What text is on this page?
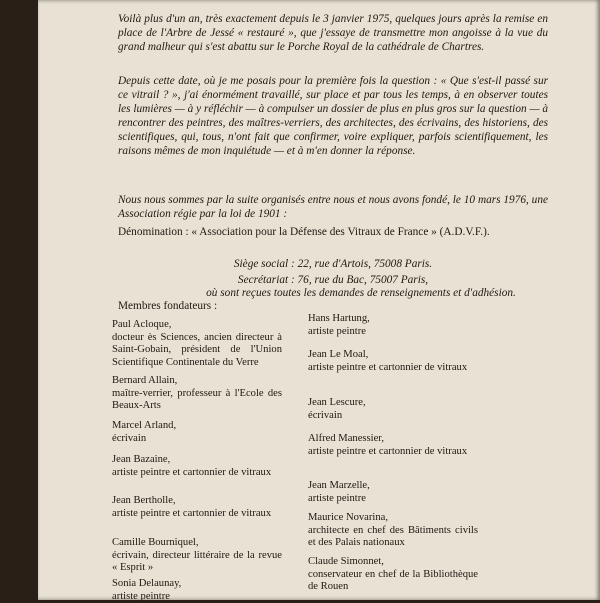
Voilà plus d'un an, très exactement depuis le 3 janvier 1975, quelques jours après la remise en place de l'Arbre de Jessé « restauré », que j'essaye de transmettre mon angoisse à la vue du grand malheur qui s'est abattu sur le Porche Royal de la cathédrale de Chartres.
Depuis cette date, où je me posais pour la première fois la question : « Que s'est-il passé sur ce vitrail ? », j'ai énormément travaillé, sur place et par tous les temps, à en observer toutes les lumières — à y réfléchir — à compulser un dossier de plus en plus gros sur la question — à rencontrer des peintres, des maîtres-verriers, des architectes, des écrivains, des historiens, des scientifiques, qui, tous, n'ont fait que confirmer, voire expliquer, parfois scientifiquement, les raisons mêmes de mon inquiétude — et à m'en donner la réponse.
Nous nous sommes par la suite organisés entre nous et nous avons fondé, le 10 mars 1976, une Association régie par la loi de 1901 :
Dénomination : « Association pour la Défense des Vitraux de France » (A.D.V.F.).
Siège social : 22, rue d'Artois, 75008 Paris.
Secrétariat : 76, rue du Bac, 75007 Paris,
où sont reçues toutes les demandes de renseignements et d'adhésion.
Membres fondateurs :
Paul Acloque,
docteur ès Sciences, ancien directeur à Saint-Gobain, président de l'Union Scientifique Continentale du Verre
Bernard Allain,
maître-verrier, professeur à l'Ecole des Beaux-Arts
Marcel Arland,
écrivain
Jean Bazaine,
artiste peintre et cartonnier de vitraux
Jean Bertholle,
artiste peintre et cartonnier de vitraux
Camille Bourniquel,
écrivain, directeur littéraire de la revue « Esprit »
Sonia Delaunay,
artiste peintre
Hans Hartung,
artiste peintre
Jean Le Moal,
artiste peintre et cartonnier de vitraux
Jean Lescure,
écrivain
Alfred Manessier,
artiste peintre et cartonnier de vitraux
Jean Marzelle,
artiste peintre
Maurice Novarina,
architecte en chef des Bâtiments civils et des Palais nationaux
Claude Simonnet,
conservateur en chef de la Bibliothèque de Rouen
